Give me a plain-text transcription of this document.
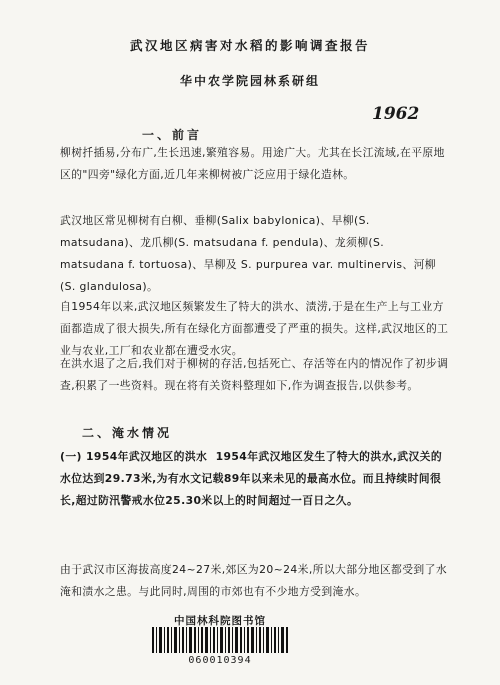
武汉地区病害对水稻的影响调查报告
华中农学院园林系研组
1962
一、前言
柳树扦插易,分布广,生长迅速,繁殖容易。用途广大。尤其在长江流域,在平原地区的"四旁"绿化方面,近几年来柳树被广泛应用于绿化造林。
武汉地区常见柳树有白柳、垂柳(Salix babylonica)、早柳(S. matsudana)、龙爪柳(S. matsudana f. pendula)、龙须柳(S. matsudana f. tortuosa)、旱柳及 S. purpurea var. multinervis、河柳(S. glandulosa)。
自1954年以来,武汉地区频繁发生了特大的洪水、渍涝,于是在生产上与工业方面都造成了很大损失,所有在绿化方面都遭受了严重的损失。这样,武汉地区的工业与农业,工厂和农业都在遭受水灾。
在洪水退了之后,我们对于柳树的存活,包括死亡、存活等在内的情况作了初步调查,积累了一些资料。现在将有关资料整理如下,作为调查报告,以供参考。
二、淹水情况
(一) 1954年武汉地区的洪水  1954年武汉地区发生了特大的洪水,武汉关的水位达到29.73米,为有水文记载89年以来未见的最高水位。而且持续时间很长,超过防汛警戒水位25.30米以上的时间超过一百日之久。
由于武汉市区海拔高度24~27米,郊区为20~24米,所以大部分地区都受到了水淹和渍水之患。与此同时,周围的市郊也有不少地方受到淹水。
中国林科院图书馆
060010394
